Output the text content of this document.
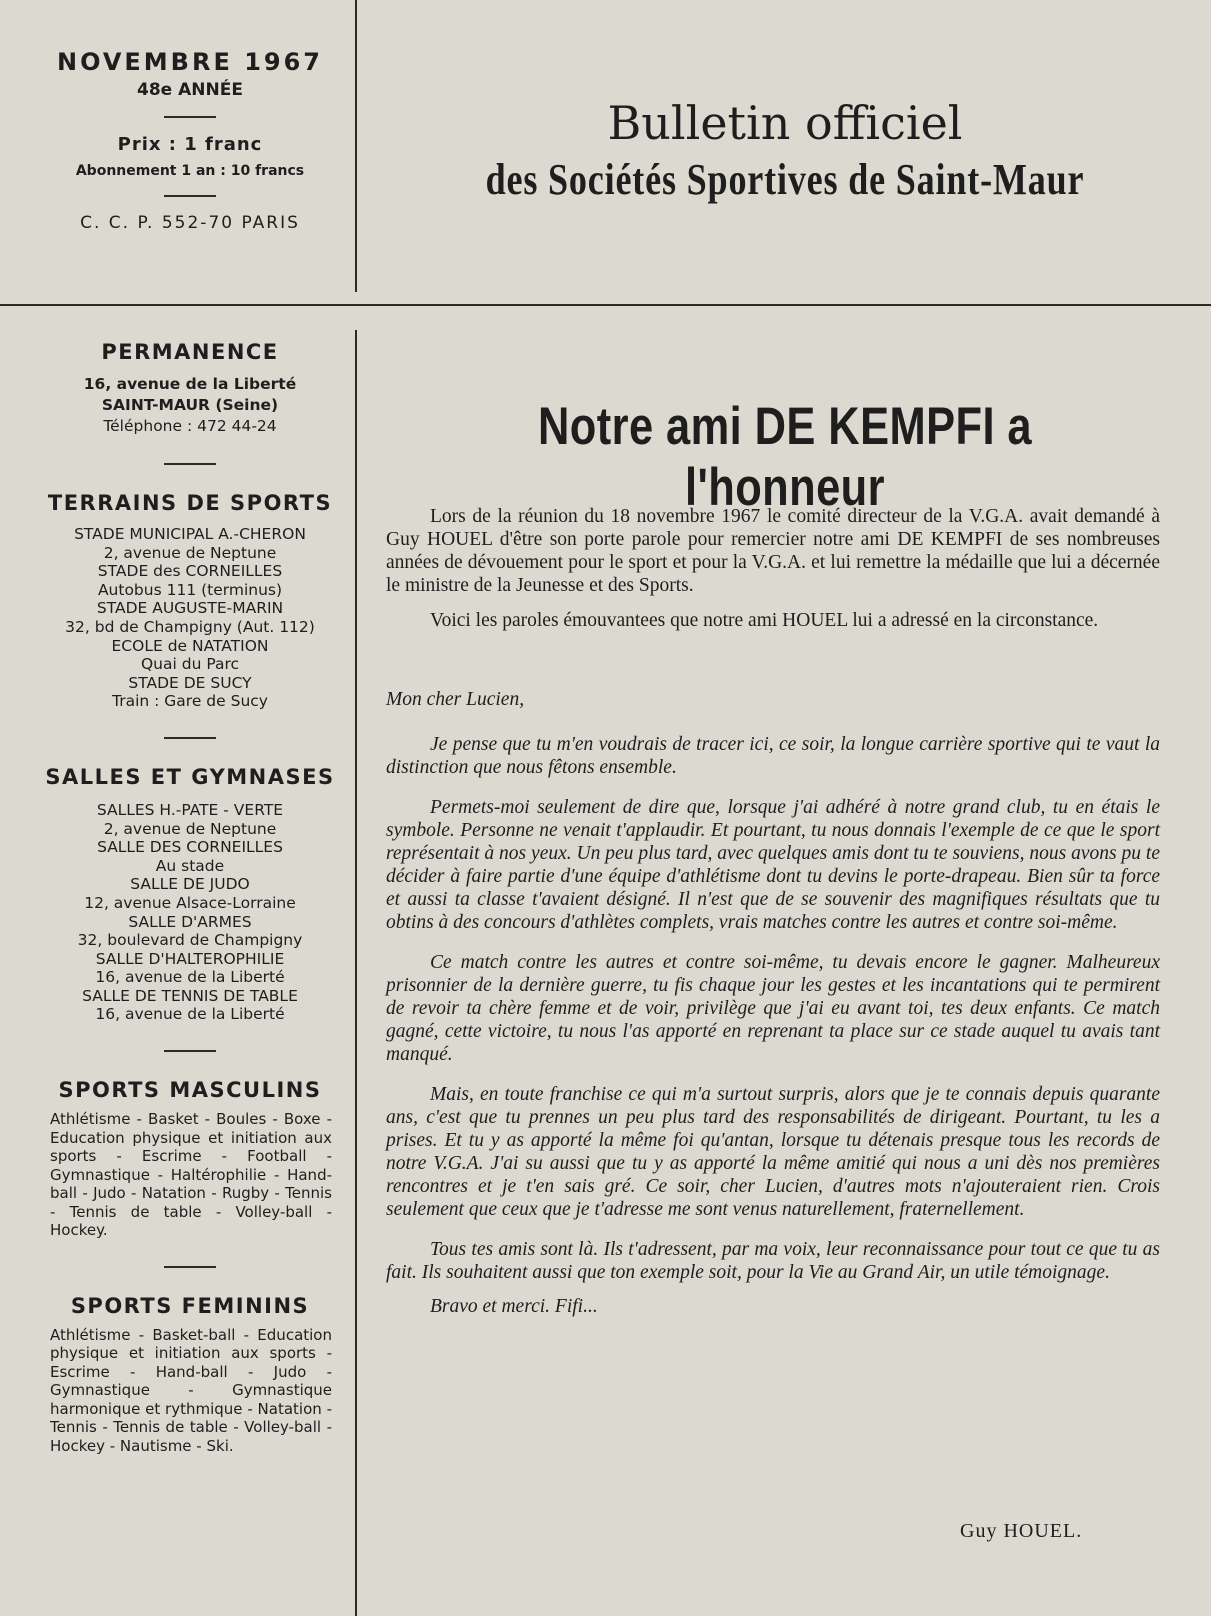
NOVEMBRE 1967
48e ANNÉE
Prix : 1 franc
Abonnement 1 an : 10 francs
C. C. P. 552-70 PARIS
Bulletin officiel
des Sociétés Sportives de Saint-Maur
PERMANENCE
16, avenue de la Liberté
SAINT-MAUR (Seine)
Téléphone : 472 44-24
TERRAINS DE SPORTS
STADE MUNICIPAL A.-CHERON
2, avenue de Neptune
STADE des CORNEILLES
Autobus 111 (terminus)
STADE AUGUSTE-MARIN
32, bd de Champigny (Aut. 112)
ECOLE de NATATION
Quai du Parc
STADE DE SUCY
Train : Gare de Sucy
SALLES ET GYMNASES
SALLES H.-PATE - VERTE
2, avenue de Neptune
SALLE DES CORNEILLES
Au stade
SALLE DE JUDO
12, avenue Alsace-Lorraine
SALLE D'ARMES
32, boulevard de Champigny
SALLE D'HALTEROPHILIE
16, avenue de la Liberté
SALLE DE TENNIS DE TABLE
16, avenue de la Liberté
SPORTS MASCULINS
Athlétisme - Basket - Boules - Boxe - Education physique et initiation aux sports - Escrime - Football - Gymnastique - Haltérophilie - Hand-ball - Judo - Natation - Rugby - Tennis - Tennis de table - Volley-ball - Hockey.
SPORTS FEMININS
Athlétisme - Basket-ball - Education physique et initiation aux sports - Escrime - Hand-ball - Judo - Gymnastique - Gymnastique harmonique et rythmique - Natation - Tennis - Tennis de table - Volley-ball - Hockey - Nautisme - Ski.
Notre ami DE KEMPFI a l'honneur

Lors de la réunion du 18 novembre 1967 le comité directeur de la V.G.A. avait demandé à Guy HOUEL d'être son porte parole pour remercier notre ami DE KEMPFI de ses nombreuses années de dévouement pour le sport et pour la V.G.A. et lui remettre la médaille que lui a décernée le ministre de la Jeunesse et des Sports.

Voici les paroles émouvantees que notre ami HOUEL lui a adressé en la circonstance.

Mon cher Lucien,

Je pense que tu m'en voudrais de tracer ici, ce soir, la longue carrière sportive qui te vaut la distinction que nous fêtons ensemble.

Permets-moi seulement de dire que, lorsque j'ai adhéré à notre grand club, tu en étais le symbole. Personne ne venait t'applaudir. Et pourtant, tu nous donnais l'exemple de ce que le sport représentait à nos yeux. Un peu plus tard, avec quelques amis dont tu te souviens, nous avons pu te décider à faire partie d'une équipe d'athlétisme dont tu devins le porte-drapeau. Bien sûr ta force et aussi ta classe t'avaient désigné. Il n'est que de se souvenir des magnifiques résultats que tu obtins à des concours d'athlètes complets, vrais matches contre les autres et contre soi-même.

Ce match contre les autres et contre soi-même, tu devais encore le gagner. Malheureux prisonnier de la dernière guerre, tu fis chaque jour les gestes et les incantations qui te permirent de revoir ta chère femme et de voir, privilège que j'ai eu avant toi, tes deux enfants. Ce match gagné, cette victoire, tu nous l'as apporté en reprenant ta place sur ce stade auquel tu avais tant manqué.

Mais, en toute franchise ce qui m'a surtout surpris, alors que je te connais depuis quarante ans, c'est que tu prennes un peu plus tard des responsabilités de dirigeant. Pourtant, tu les a prises. Et tu y as apporté la même foi qu'antan, lorsque tu détenais presque tous les records de notre V.G.A. J'ai su aussi que tu y as apporté la même amitié qui nous a uni dès nos premières rencontres et je t'en sais gré. Ce soir, cher Lucien, d'autres mots n'ajouteraient rien. Crois seulement que ceux que je t'adresse me sont venus naturellement, fraternellement.

Tous tes amis sont là. Ils t'adressent, par ma voix, leur reconnaissance pour tout ce que tu as fait. Ils souhaitent aussi que ton exemple soit, pour la Vie au Grand Air, un utile témoignage.

Bravo et merci. Fifi...

Guy HOUEL.
